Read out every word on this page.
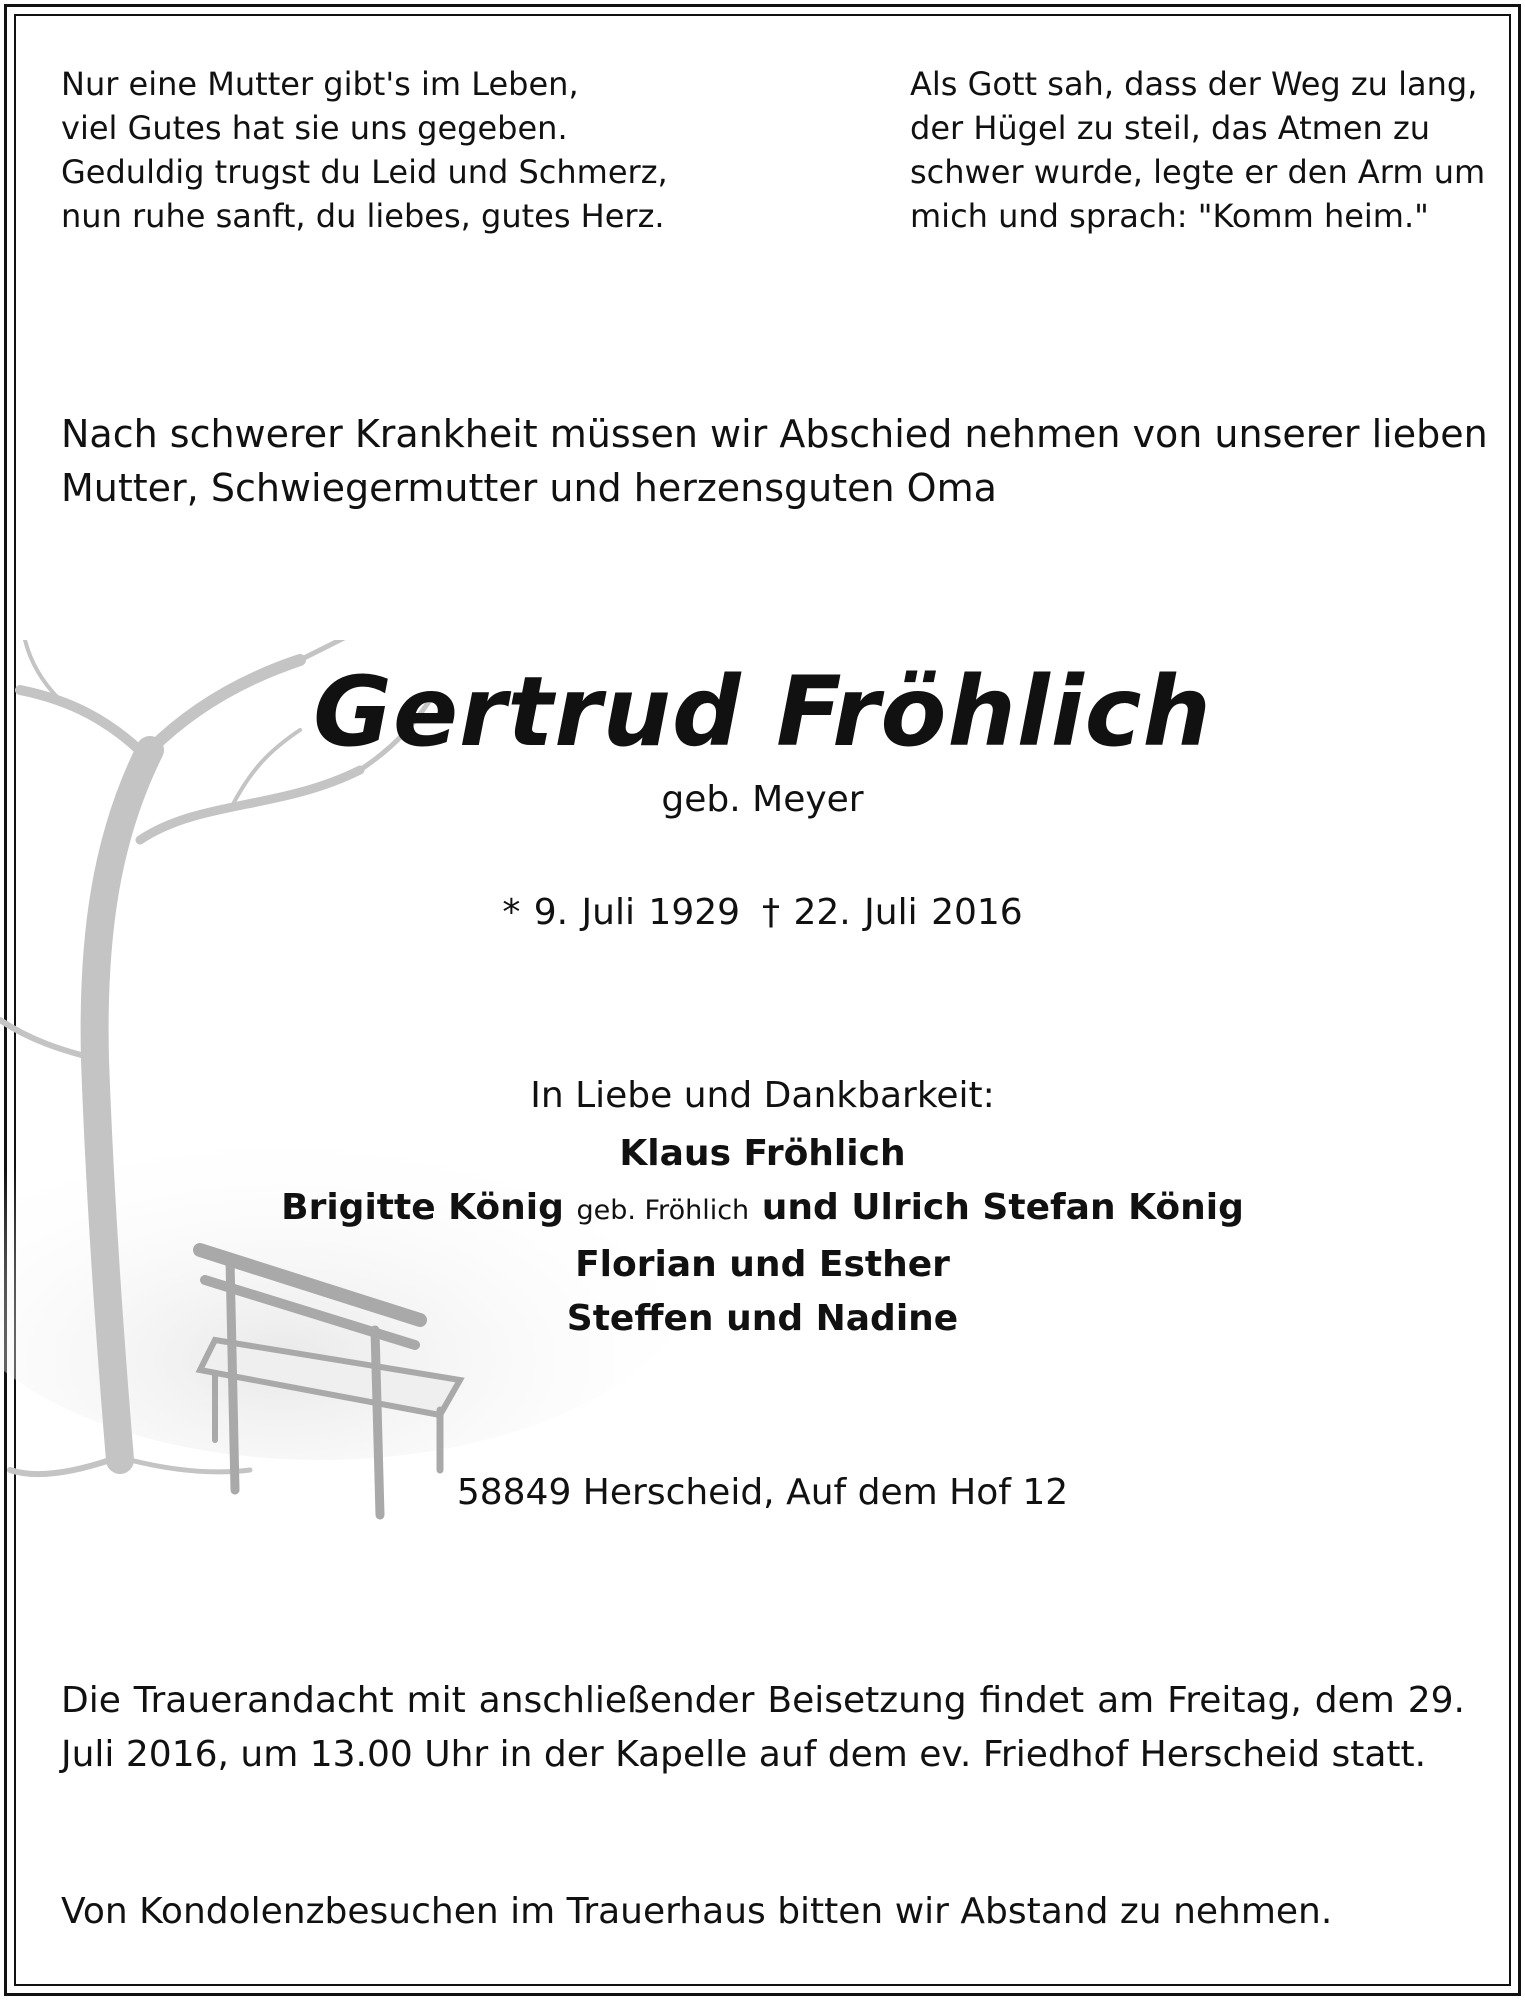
Nur eine Mutter gibt's im Leben,
viel Gutes hat sie uns gegeben.
Geduldig trugst du Leid und Schmerz,
nun ruhe sanft, du liebes, gutes Herz.
Als Gott sah, dass der Weg zu lang,
der Hügel zu steil, das Atmen zu
schwer wurde, legte er den Arm um
mich und sprach: "Komm heim."
Nach schwerer Krankheit müssen wir Abschied nehmen von unserer lieben
Mutter, Schwiegermutter und herzensguten Oma
Gertrud Fröhlich
geb. Meyer
* 9. Juli 1929 † 22. Juli 2016
In Liebe und Dankbarkeit:
Klaus Fröhlich
Brigitte König geb. Fröhlich und Ulrich Stefan König
Florian und Esther
Steffen und Nadine
58849 Herscheid, Auf dem Hof 12
Die Trauerandacht mit anschließender Beisetzung findet am Freitag, dem 29. Juli 2016, um 13.00 Uhr in der Kapelle auf dem ev. Friedhof Herscheid statt.
Von Kondolenzbesuchen im Trauerhaus bitten wir Abstand zu nehmen.
